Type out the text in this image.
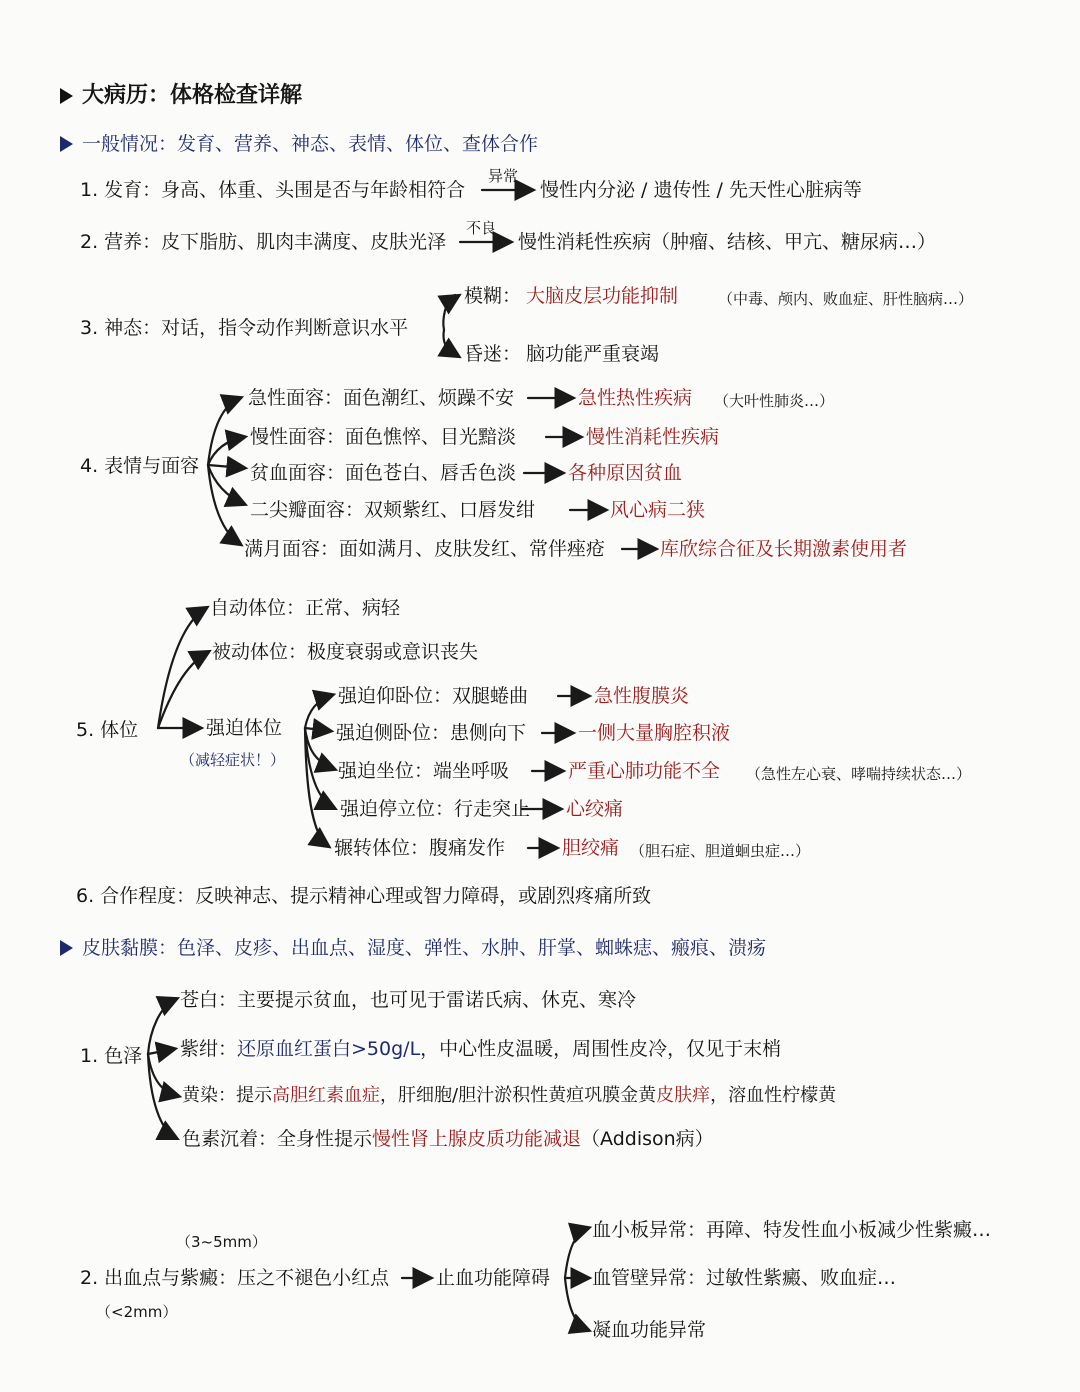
大病历：体格检查详解
一般情况：发育、营养、神态、表情、体位、查体合作
1. 发育：身高、体重、头围是否与年龄相符合
异常
慢性内分泌 / 遗传性 / 先天性心脏病等
2. 营养：皮下脂肪、肌肉丰满度、皮肤光泽
不良
慢性消耗性疾病（肿瘤、结核、甲亢、糖尿病…）
3. 神态：对话，指令动作判断意识水平
模糊： 大脑皮层功能抑制	（中毒、颅内、败血症、肝性脑病…）
昏迷： 脑功能严重衰竭
4. 表情与面容
急性面容：面色潮红、烦躁不安	急性热性疾病 （大叶性肺炎…）
慢性面容：面色憔悴、目光黯淡	慢性消耗性疾病
贫血面容：面色苍白、唇舌色淡	各种原因贫血
二尖瓣面容：双颊紫红、口唇发绀	风心病二狭
满月面容：面如满月、皮肤发红、常伴痤疮	库欣综合征及长期激素使用者
5. 体位
自动体位：正常、病轻
被动体位：极度衰弱或意识丧失
强迫体位
（减轻症状！）
强迫仰卧位：双腿蜷曲	急性腹膜炎
强迫侧卧位：患侧向下	一侧大量胸腔积液
强迫坐位：端坐呼吸	严重心肺功能不全 （急性左心衰、哮喘持续状态…）
强迫停立位：行走突止 心绞痛
辗转体位：腹痛发作	胆绞痛 （胆石症、胆道蛔虫症…）
6. 合作程度：反映神志、提示精神心理或智力障碍，或剧烈疼痛所致
皮肤黏膜：色泽、皮疹、出血点、湿度、弹性、水肿、肝掌、蜘蛛痣、瘢痕、溃疡
1. 色泽
苍白：主要提示贫血，也可见于雷诺氏病、休克、寒冷
紫绀：还原血红蛋白>50g/L，中心性皮温暖，周围性皮冷，仅见于末梢
黄染：提示高胆红素血症，肝细胞/胆汁淤积性黄疸巩膜金黄皮肤痒，溶血性柠檬黄
色素沉着：全身性提示慢性肾上腺皮质功能减退（Addison病）
（3~5mm）
2. 出血点与紫癜：压之不褪色小红点 止血功能障碍
（<2mm）
血小板异常：再障、特发性血小板减少性紫癜…
血管壁异常：过敏性紫癜、败血症…
凝血功能异常
